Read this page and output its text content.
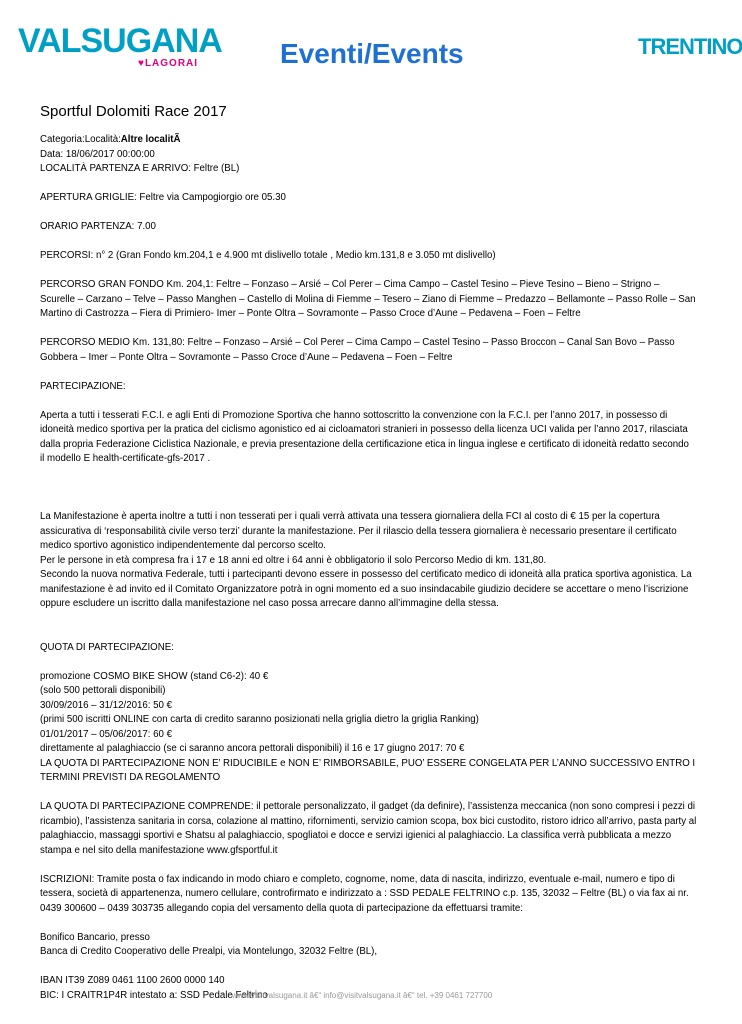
VALSUGANA
♥LAGORAI	Eventi/Events	TRENTINO
Sportful Dolomiti Race 2017

Categoria:Località:Altre localitÃ

Data: 18/06/2017 00:00:00

LOCALITÀ PARTENZA E ARRIVO: Feltre (BL)

APERTURA GRIGLIE: Feltre via Campogiorgio ore 05.30

ORARIO PARTENZA: 7.00

PERCORSI: n° 2 (Gran Fondo km.204,1 e 4.900 mt dislivello totale , Medio km.131,8 e 3.050 mt dislivello)

PERCORSO GRAN FONDO Km. 204,1: Feltre – Fonzaso – Arsié – Col Perer – Cima Campo – Castel Tesino – Pieve Tesino – Bieno – Strigno –

Scurelle – Carzano – Telve – Passo Manghen – Castello di Molina di Fiemme – Tesero – Ziano di Fiemme – Predazzo – Bellamonte – Passo Rolle – San

Martino di Castrozza – Fiera di Primiero- Imer – Ponte Oltra – Sovramonte – Passo Croce d’Aune – Pedavena – Foen – Feltre

PERCORSO MEDIO Km. 131,80: Feltre – Fonzaso – Arsié – Col Perer – Cima Campo – Castel Tesino – Passo Broccon – Canal San Bovo – Passo

Gobbera – Imer – Ponte Oltra – Sovramonte – Passo Croce d’Aune – Pedavena – Foen – Feltre

PARTECIPAZIONE:

Aperta a tutti i tesserati F.C.I. e agli Enti di Promozione Sportiva che hanno sottoscritto la convenzione con la F.C.I. per l’anno 2017, in possesso di

idoneità medico sportiva per la pratica del ciclismo agonistico ed ai cicloamatori stranieri in possesso della licenza UCI valida per l’anno 2017, rilasciata

dalla propria Federazione Ciclistica Nazionale, e previa presentazione della certificazione etica in lingua inglese e certificato di idoneità redatto secondo

il modello E health-certificate-gfs-2017 .

La Manifestazione è aperta inoltre a tutti i non tesserati per i quali verrà attivata una tessera giornaliera della FCI al costo di € 15 per la copertura

assicurativa di ‘responsabilità civile verso terzi’ durante la manifestazione. Per il rilascio della tessera giornaliera è necessario presentare il certificato

medico sportivo agonistico indipendentemente dal percorso scelto.

Per le persone in età compresa fra i 17 e 18 anni ed oltre i 64 anni è obbligatorio il solo Percorso Medio di km. 131,80.

Secondo la nuova normativa Federale, tutti i partecipanti devono essere in possesso del certificato medico di idoneità alla pratica sportiva agonistica. La

manifestazione è ad invito ed il Comitato Organizzatore potrà in ogni momento ed a suo insindacabile giudizio decidere se accettare o meno l’iscrizione

oppure escludere un iscritto dalla manifestazione nel caso possa arrecare danno all’immagine della stessa.

QUOTA DI PARTECIPAZIONE:

promozione COSMO BIKE SHOW (stand C6-2): 40 €

(solo 500 pettorali disponibili)

30/09/2016 – 31/12/2016: 50 €

(primi 500 iscritti ONLINE con carta di credito saranno posizionati nella griglia dietro la griglia Ranking)

01/01/2017 – 05/06/2017: 60 €

direttamente al palaghiaccio (se ci saranno ancora pettorali disponibili) il 16 e 17 giugno 2017: 70 €

LA QUOTA DI PARTECIPAZIONE NON E’ RIDUCIBILE e NON E’ RIMBORSABILE, PUO’ ESSERE CONGELATA PER L’ANNO SUCCESSIVO ENTRO I

TERMINI PREVISTI DA REGOLAMENTO

LA QUOTA DI PARTECIPAZIONE COMPRENDE: il pettorale personalizzato, il gadget (da definire), l’assistenza meccanica (non sono compresi i pezzi di

ricambio), l’assistenza sanitaria in corsa, colazione al mattino, rifornimenti, servizio camion scopa, box bici custodito, ristoro idrico all’arrivo, pasta party al

palaghiaccio, massaggi sportivi e Shatsu al palaghiaccio, spogliatoi e docce e servizi igienici al palaghiaccio. La classifica verrà pubblicata a mezzo

stampa e nel sito della manifestazione www.gfsportful.it

ISCRIZIONI: Tramite posta o fax indicando in modo chiaro e completo, cognome, nome, data di nascita, indirizzo, eventuale e-mail, numero e tipo di

tessera, società di appartenenza, numero cellulare, controfirmato e indirizzato a : SSD PEDALE FELTRINO c.p. 135, 32032 – Feltre (BL) o via fax ai nr.

0439 300600 – 0439 303735 allegando copia del versamento della quota di partecipazione da effettuarsi tramite:

Bonifico Bancario, presso

Banca di Credito Cooperativo delle Prealpi, via Montelungo, 32032 Feltre (BL),

IBAN IT39 Z089 0461 1100 2600 0000 140

BIC: I CRAITR1P4R intestato a: SSD Pedale Feltrino

www.visitvalsugana.it â€“ info@visitvalsugana.it â€“ tel. +39 0461 727700
